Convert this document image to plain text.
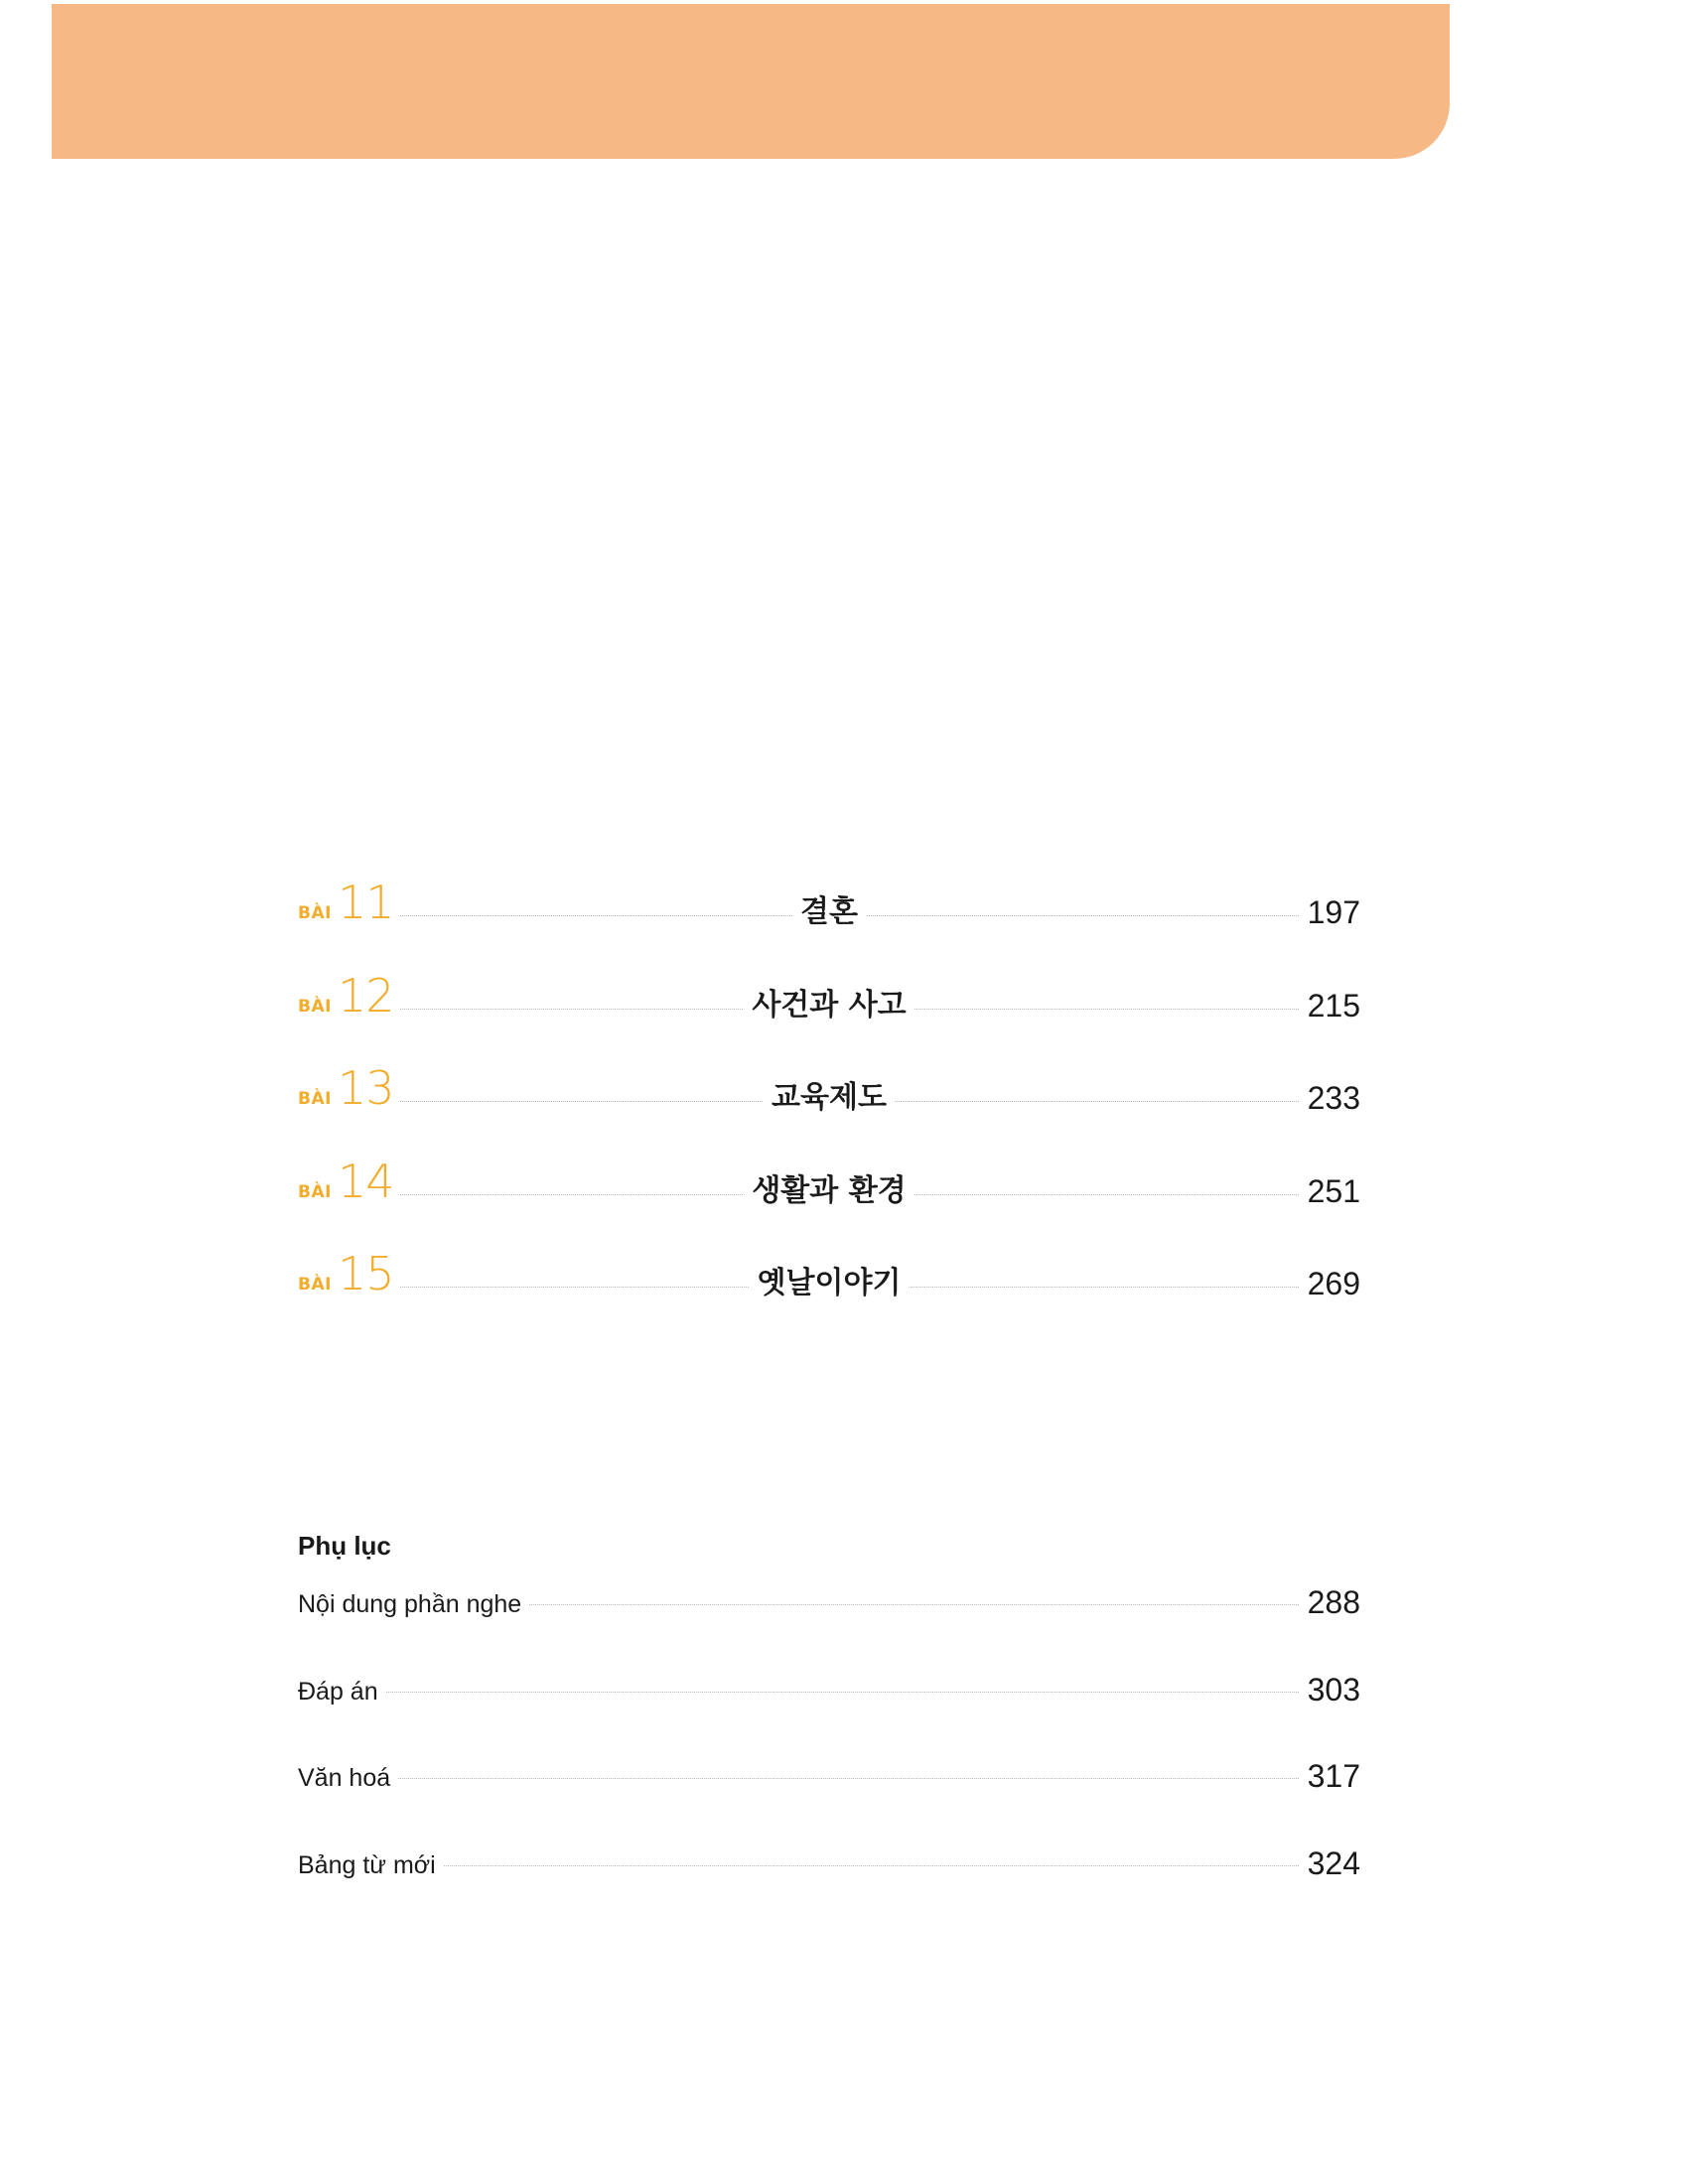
BÀI 11	결혼	197
BÀI 12	사건과 사고	215
BÀI 13	교육제도	233
BÀI 14	생활과 환경	251
BÀI 15	옛날이야기	269
Phụ lục
Nội dung phần nghe	288
Đáp án	303
Văn hoá	317
Bảng từ mới	324
